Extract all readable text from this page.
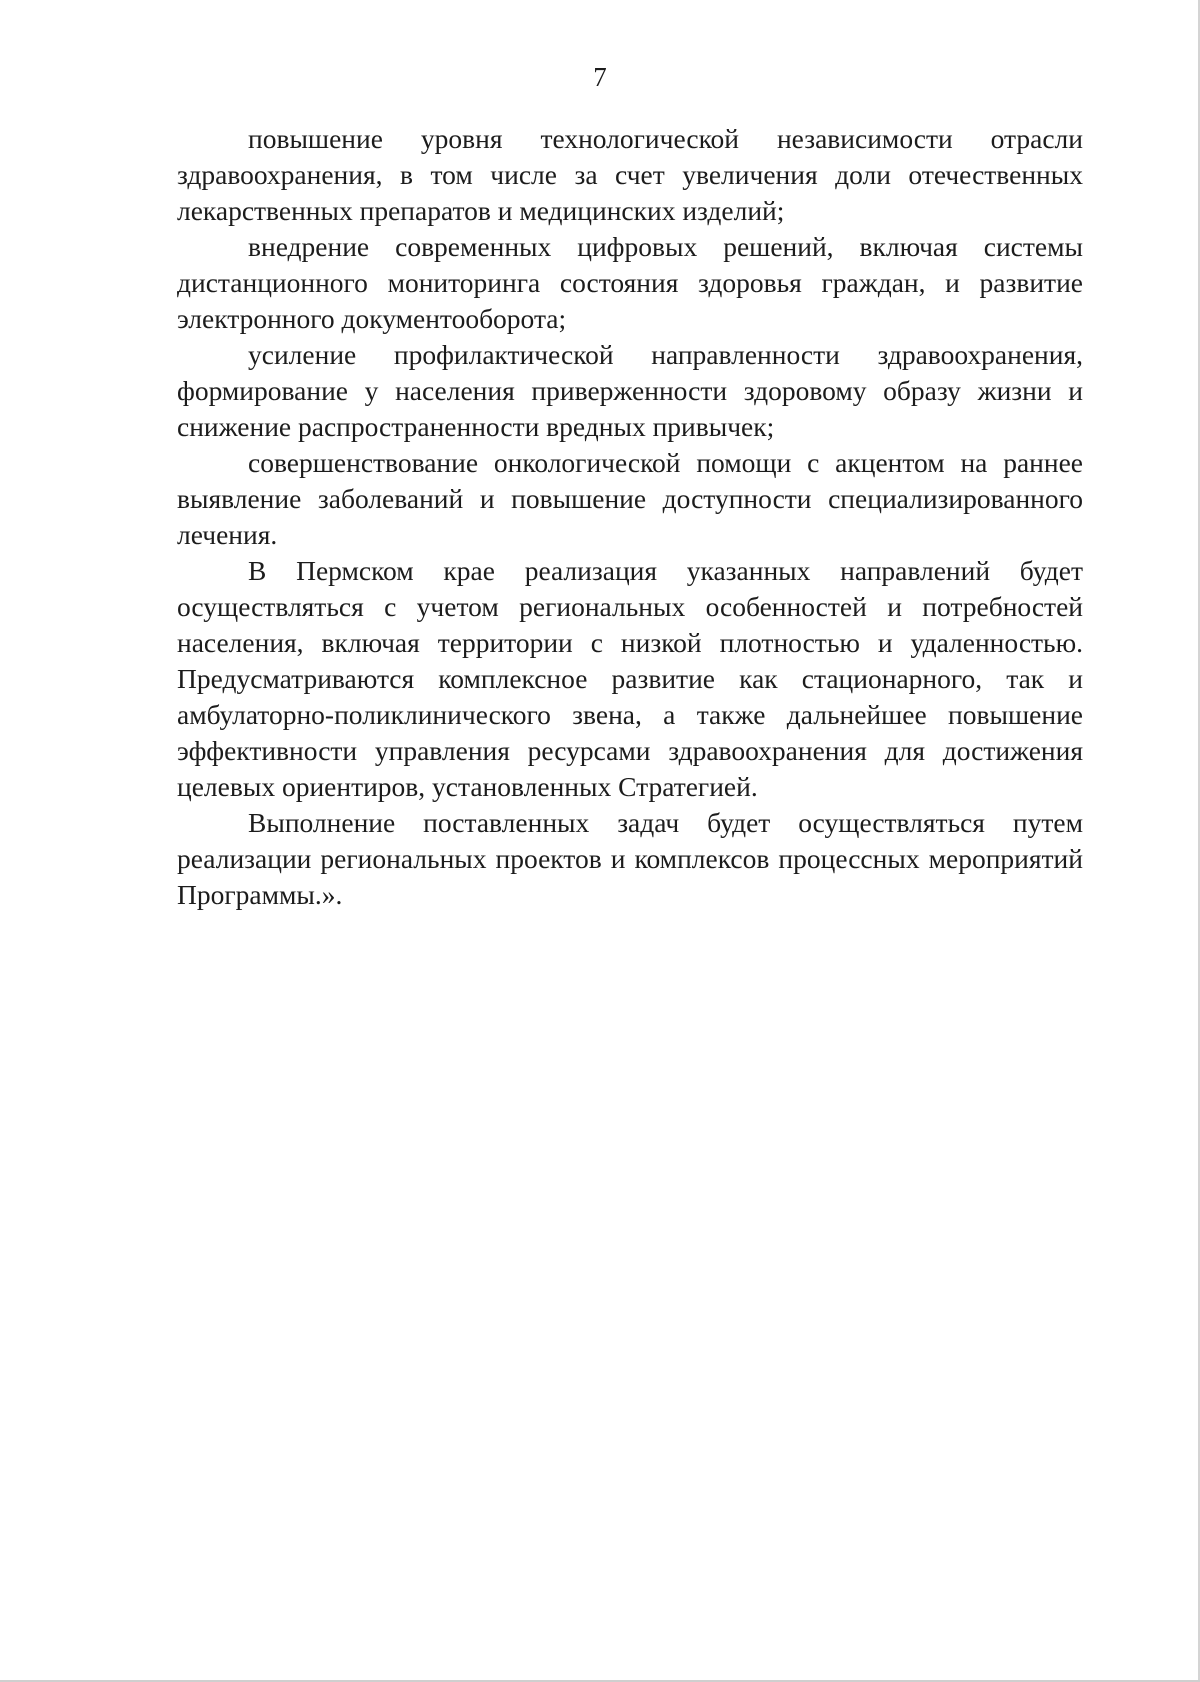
7

повышение уровня технологической независимости отрасли здравоохранения, в том числе за счет увеличения доли отечественных лекарственных препаратов и медицинских изделий;

внедрение современных цифровых решений, включая системы дистанционного мониторинга состояния здоровья граждан, и развитие электронного документооборота;

усиление профилактической направленности здравоохранения, формирование у населения приверженности здоровому образу жизни и снижение распространенности вредных привычек;

совершенствование онкологической помощи с акцентом на раннее выявление заболеваний и повышение доступности специализированного лечения.

В Пермском крае реализация указанных направлений будет осуществляться с учетом региональных особенностей и потребностей населения, включая территории с низкой плотностью и удаленностью. Предусматриваются комплексное развитие как стационарного, так и амбулаторно-поликлинического звена, а также дальнейшее повышение эффективности управления ресурсами здравоохранения для достижения целевых ориентиров, установленных Стратегией.

Выполнение поставленных задач будет осуществляться путем реализации региональных проектов и комплексов процессных мероприятий Программы.».
